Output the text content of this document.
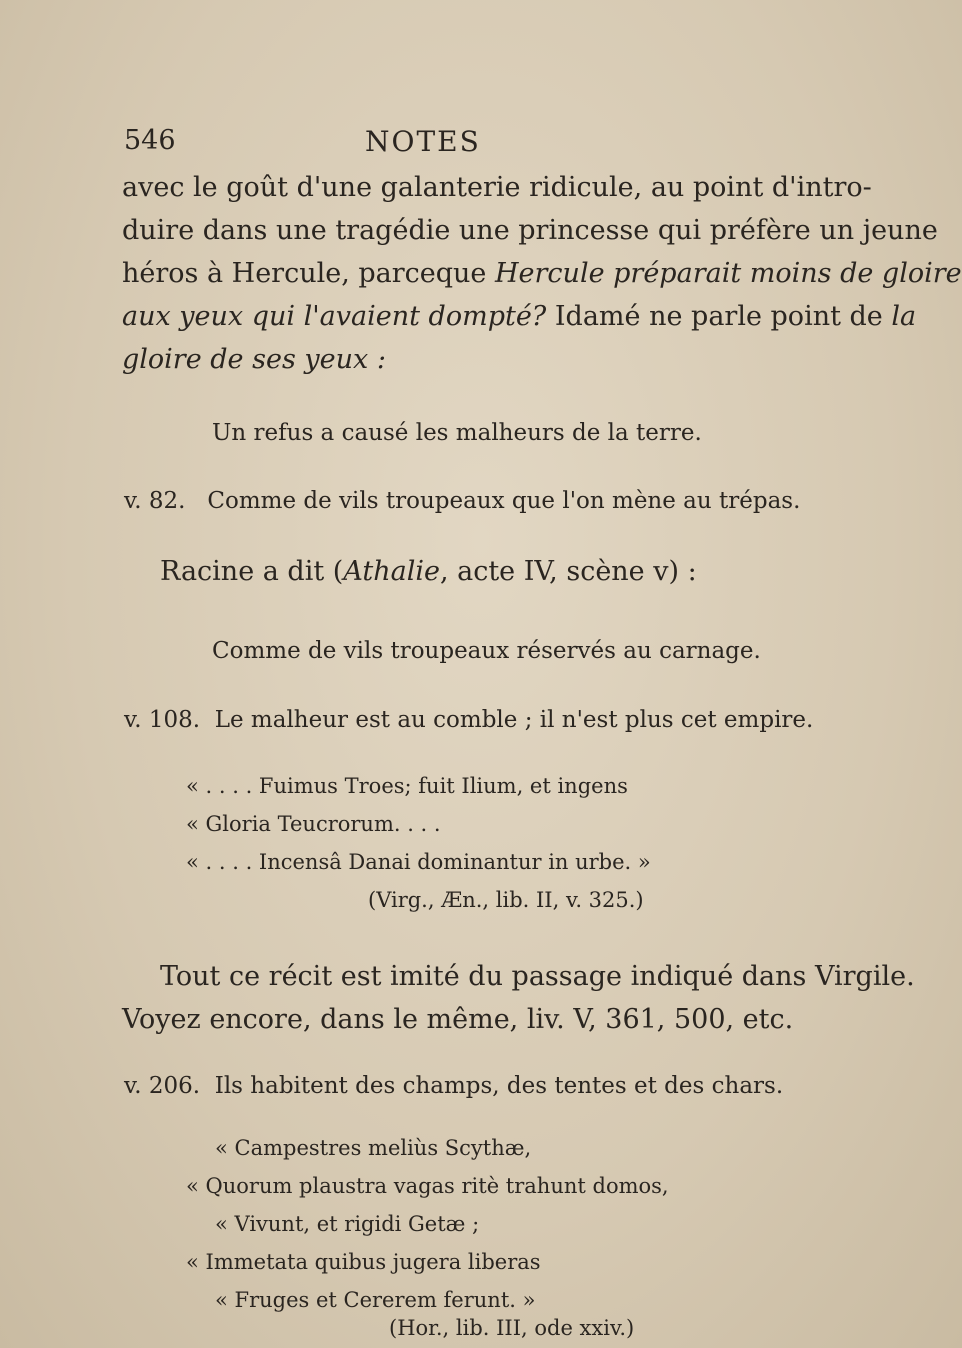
546	NOTES
avec le goût d'une galanterie ridicule, au point d'intro-
duire dans une tragédie une princesse qui préfère un jeune
héros à Hercule, parceque Hercule préparait moins de gloire
aux yeux qui l'avaient dompté? Idamé ne parle point de la
gloire de ses yeux :
Un refus a causé les malheurs de la terre.
v. 82. Comme de vils troupeaux que l'on mène au trépas.
Racine a dit (Athalie, acte IV, scène v) :
Comme de vils troupeaux réservés au carnage.
v. 108. Le malheur est au comble ; il n'est plus cet empire.
« . . . . Fuimus Troes; fuit Ilium, et ingens
« Gloria Teucrorum. . . .
« . . . . Incensâ Danai dominantur in urbe. »
(Virg., Æn., lib. II, v. 325.)
Tout ce récit est imité du passage indiqué dans Virgile.
Voyez encore, dans le même, liv. V, 361, 500, etc.
v. 206. Ils habitent des champs, des tentes et des chars.
« Campestres meliùs Scythæ,
« Quorum plaustra vagas ritè trahunt domos,
« Vivunt, et rigidi Getæ ;
« Immetata quibus jugera liberas
« Fruges et Cererem ferunt. »
(Hor., lib. III, ode xxiv.)
